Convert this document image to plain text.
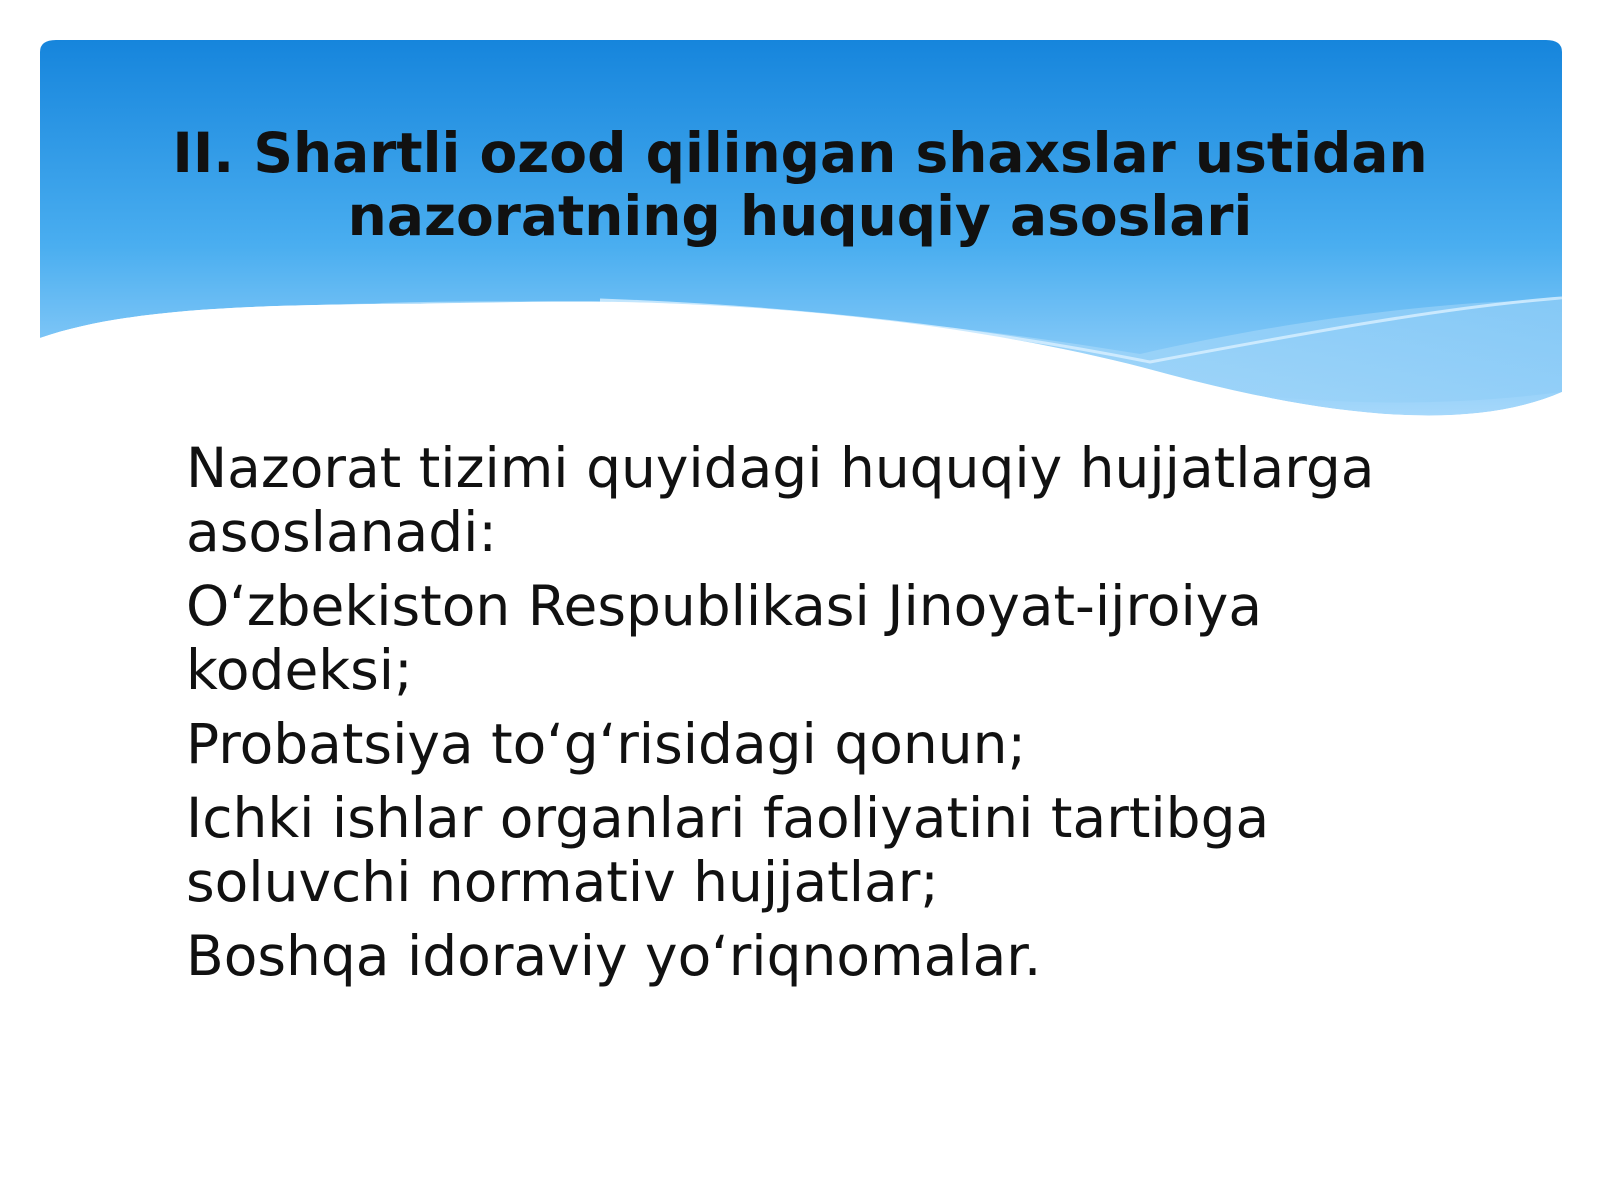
II. Shartli ozod qilingan shaxslar ustidan
nazoratning huquqiy asoslari
Nazorat tizimi quyidagi huquqiy hujjatlarga
asoslanadi:
O‘zbekiston Respublikasi Jinoyat-ijroiya
kodeksi;
Probatsiya to‘g‘risidagi qonun;
Ichki ishlar organlari faoliyatini tartibga
soluvchi normativ hujjatlar;
Boshqa idoraviy yo‘riqnomalar.
